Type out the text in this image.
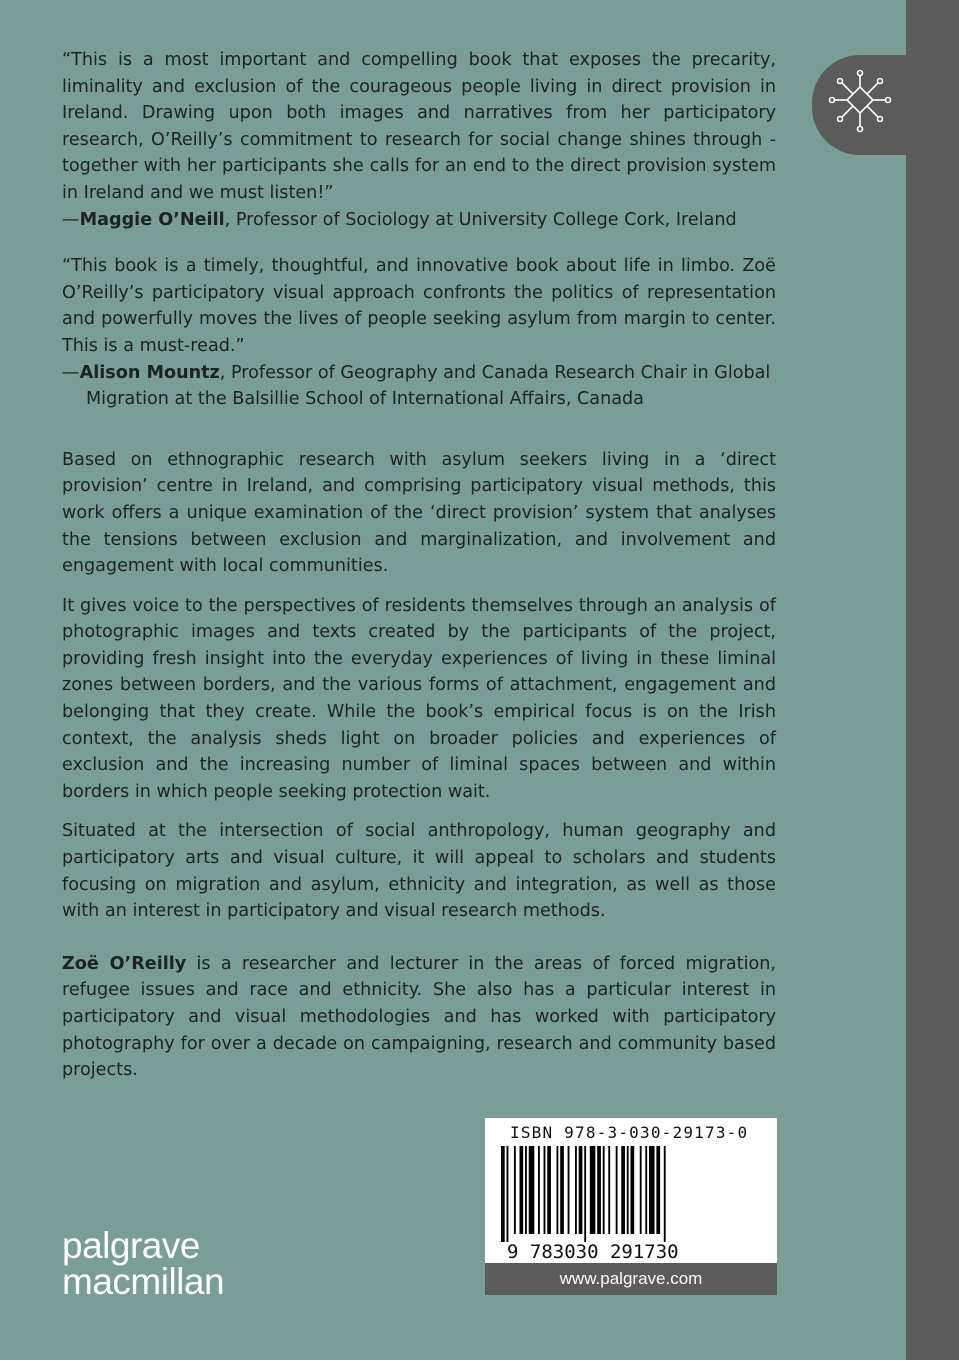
“This is a most important and compelling book that exposes the precarity, liminality and exclusion of the courageous people living in direct provision in Ireland. Drawing upon both images and narratives from her participatory research, O’Reilly’s commitment to research for social change shines through - together with her participants she calls for an end to the direct provision system in Ireland and we must listen!”

—Maggie O’Neill, Professor of Sociology at University College Cork, Ireland

“This book is a timely, thoughtful, and innovative book about life in limbo. Zoë O’Reilly’s participatory visual approach confronts the politics of representation and powerfully moves the lives of people seeking asylum from margin to center. This is a must-read.”

—Alison Mountz, Professor of Geography and Canada Research Chair in Global Migration at the Balsillie School of International Affairs, Canada

Based on ethnographic research with asylum seekers living in a ‘direct provision’ centre in Ireland, and comprising participatory visual methods, this work offers a unique examination of the ‘direct provision’ system that analyses the tensions between exclusion and marginalization, and involvement and engagement with local communities.

It gives voice to the perspectives of residents themselves through an analysis of photographic images and texts created by the participants of the project, providing fresh insight into the everyday experiences of living in these liminal zones between borders, and the various forms of attachment, engagement and belonging that they create. While the book’s empirical focus is on the Irish context, the analysis sheds light on broader policies and experiences of exclusion and the increasing number of liminal spaces between and within borders in which people seeking protection wait.

Situated at the intersection of social anthropology, human geography and participatory arts and visual culture, it will appeal to scholars and students focusing on migration and asylum, ethnicity and integration, as well as those with an interest in participatory and visual research methods.

Zoë O’Reilly is a researcher and lecturer in the areas of forced migration, refugee issues and race and ethnicity. She also has a particular interest in participatory and visual methodologies and has worked with participatory photography for over a decade on campaigning, research and community based projects.

palgrave
macmillan
ISBN 978-3-030-29173-0
9 783030 291730
www.palgrave.com
